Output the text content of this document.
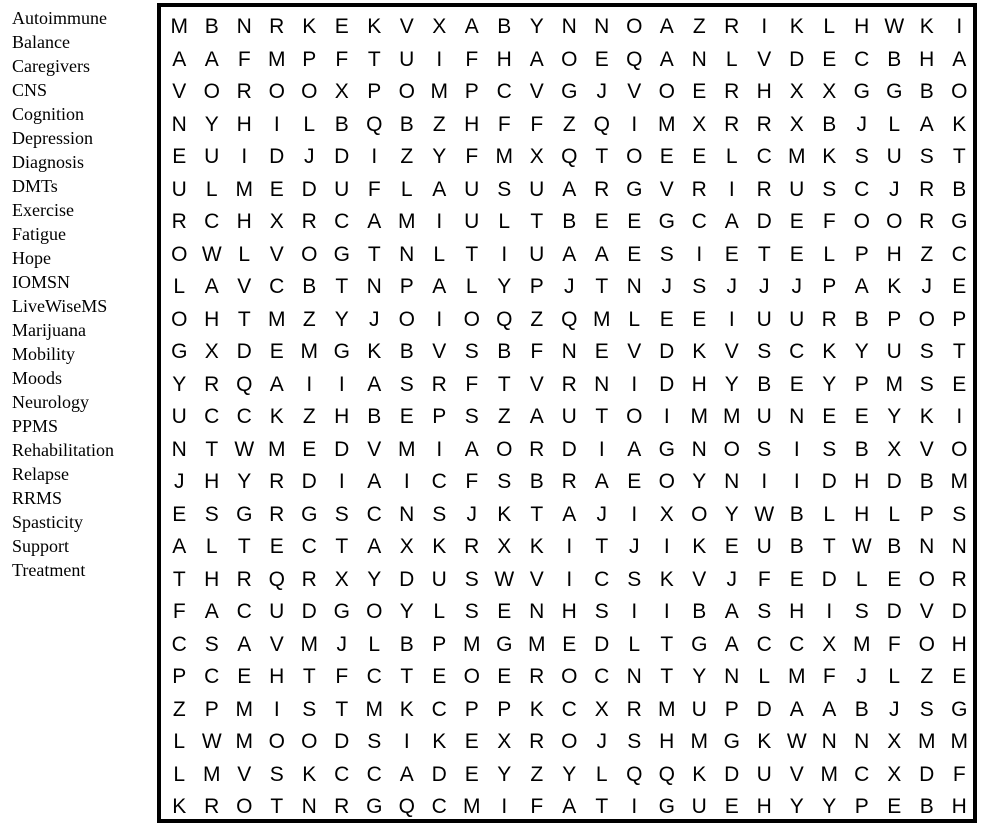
Autoimmune
Balance
Caregivers
CNS
Cognition
Depression
Diagnosis
DMTs
Exercise
Fatigue
Hope
IOMSN
LiveWiseMS
Marijuana
Mobility
Moods
Neurology
PPMS
Rehabilitation
Relapse
RRMS
Spasticity
Support
Treatment
M B N R K E K V X A B Y N N O A Z R	I	K L H W K	I
A A F M P F T U	I	F H A O E Q A N L V D E C B H A
V O R O O X P O M P C V G J V O E R H X X G G B O
N Y H	I	L B Q B Z H F F Z Q	I M X R R X B J	L A K
E U	I	D J D	I	Z Y F M X Q T O E E L C M K S U S T
U L M E D U F L A U S U A R G V R	I	R U S C J R B
R C H X R C A M I	U L T B E E G C A D E F O O R G
O W L V O G T N L T	I	U A A E S	I	E T E L P H Z C
L A V C B T N P A L Y P J T N J S J	J	J P A K J E
O H T M Z Y J O	I	O Q Z Q M L E E	I	U U R B P O P
G X D E M G K B V S B F N E V D K V S C K Y U S T
Y R Q A	I	I	A S R F T V R N	I	D H Y B E Y P M S E
U C C K Z H B E P S Z A U T O	I M M U N E E Y K	I
N T W M E D V M I	A O R D	I	A G N O S	I	S B X V O
J H Y R D	I	A	I	C F S B R A E O Y N	I	I	D H D B M
E S G R G S C N S J K T A J	I	X O Y W B L H L P S
A L T E C T A X K R X K	I	T J	I	K E U B T W B N N
T H R Q R X Y D U S W V	I	C S K V J F E D L E O R
F A C U D G O Y L S E N H S	I	I	B A S H	I	S D V D
C S A V M J	L B P M G M E D L T G A C C X M F O H
P C E H T F C T E O E R O C N T Y N L M F J	L Z E
Z P M I	S T M K C P P K C X R M U P D A A B J S G
L W M O O D S	I	K E X R O J S H M G K W N N X M M
L M V S K C C A D E Y Z Y L Q Q K D U V M C X D F
K R O T N R G Q C M I	F A T	I	G U E H Y Y P E B H
